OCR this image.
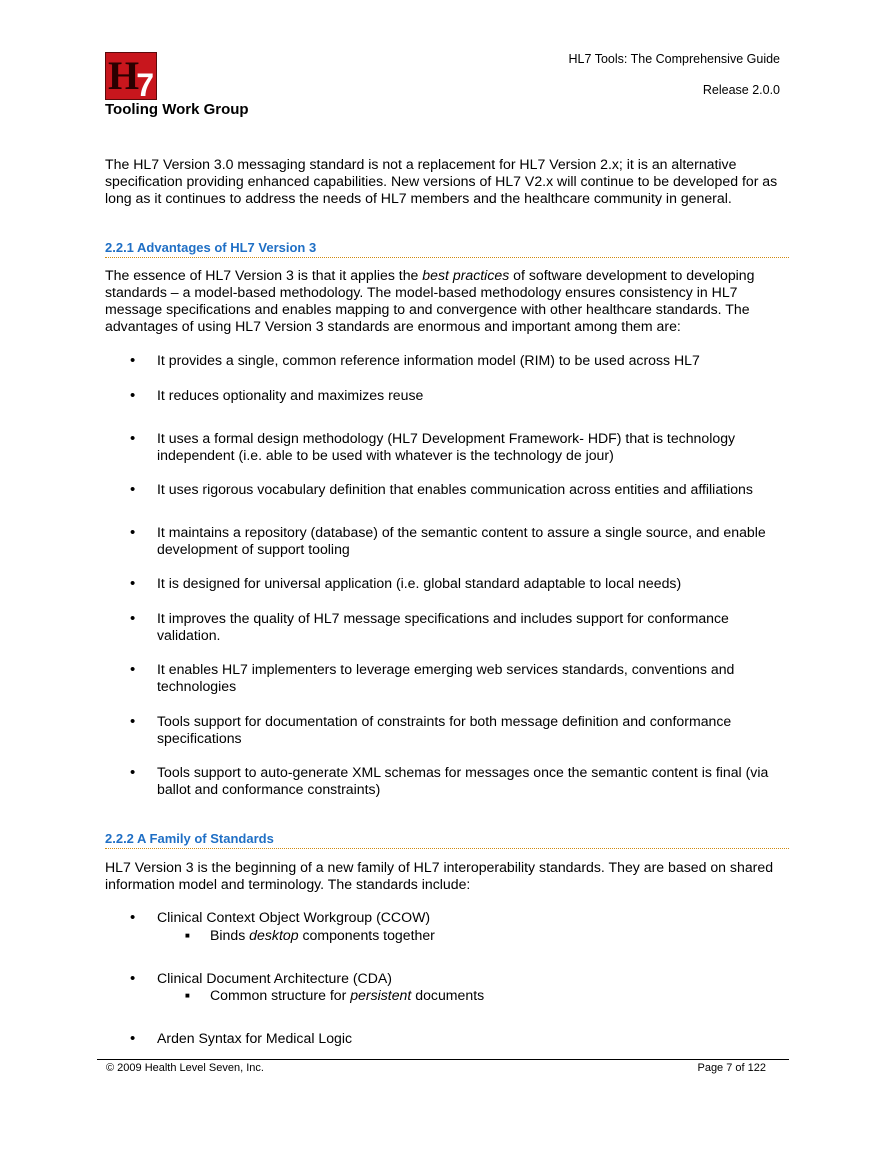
H 7
Tooling Work Group
HL7 Tools: The Comprehensive Guide
Release 2.0.0
The HL7 Version 3.0 messaging standard is not a replacement for HL7 Version 2.x; it is an alternative specification providing enhanced capabilities. New versions of HL7 V2.x will continue to be developed for as long as it continues to address the needs of HL7 members and the healthcare community in general.
2.2.1 Advantages of HL7 Version 3
The essence of HL7 Version 3 is that it applies the best practices of software development to developing standards – a model-based methodology. The model-based methodology ensures consistency in HL7 message specifications and enables mapping to and convergence with other healthcare standards. The advantages of using HL7 Version 3 standards are enormous and important among them are:
• It provides a single, common reference information model (RIM) to be used across HL7
• It reduces optionality and maximizes reuse
• It uses a formal design methodology (HL7 Development Framework- HDF) that is technology independent (i.e. able to be used with whatever is the technology de jour)
• It uses rigorous vocabulary definition that enables communication across entities and affiliations
• It maintains a repository (database) of the semantic content to assure a single source, and enable development of support tooling
• It is designed for universal application (i.e. global standard adaptable to local needs)
• It improves the quality of HL7 message specifications and includes support for conformance validation.
• It enables HL7 implementers to leverage emerging web services standards, conventions and technologies
• Tools support for documentation of constraints for both message definition and conformance specifications
• Tools support to auto-generate XML schemas for messages once the semantic content is final (via ballot and conformance constraints)
2.2.2 A Family of Standards
HL7 Version 3 is the beginning of a new family of HL7 interoperability standards. They are based on shared information model and terminology. The standards include:
• Clinical Context Object Workgroup (CCOW)
■ Binds desktop components together
• Clinical Document Architecture (CDA)
■ Common structure for persistent documents
• Arden Syntax for Medical Logic
© 2009 Health Level Seven, Inc.	Page 7 of 122
